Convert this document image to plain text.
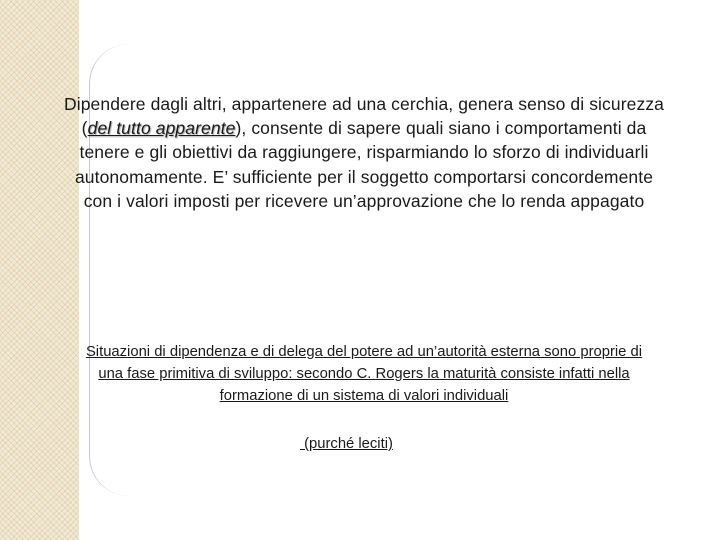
Dipendere dagli altri, appartenere ad una cerchia, genera senso di sicurezza (del tutto apparente), consente di sapere quali siano i comportamenti da tenere e gli obiettivi da raggiungere, risparmiando lo sforzo di individuarli autonomamente. E’ sufficiente per il soggetto comportarsi concordemente con i valori imposti per ricevere un’approvazione che lo renda appagato

Situazioni di dipendenza e di delega del potere ad un’autorità esterna sono proprie di una fase primitiva di sviluppo: secondo C. Rogers la maturità consiste infatti nella formazione di un sistema di valori individuali

(purché leciti)
